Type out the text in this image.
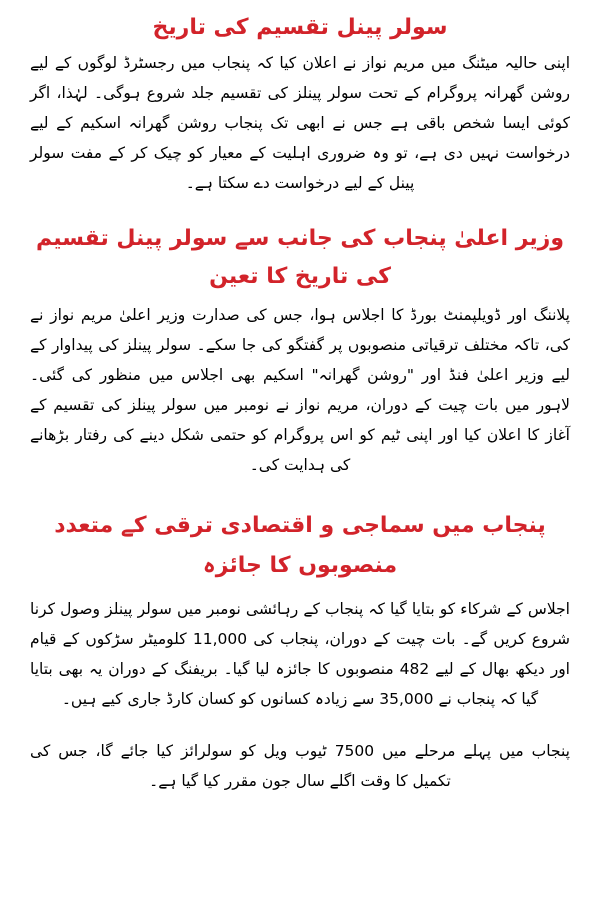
سولر پینل تقسیم کی تاریخ

اپنی حالیہ میٹنگ میں مریم نواز نے اعلان کیا کہ پنجاب میں رجسٹرڈ لوگوں کے لیے روشن گھرانہ پروگرام کے تحت سولر پینلز کی تقسیم جلد شروع ہوگی۔ لہٰذا، اگر کوئی ایسا شخص باقی ہے جس نے ابھی تک پنجاب روشن گھرانہ اسکیم کے لیے درخواست نہیں دی ہے، تو وہ ضروری اہلیت کے معیار کو چیک کر کے مفت سولر پینل کے لیے درخواست دے سکتا ہے۔

وزیر اعلیٰ پنجاب کی جانب سے سولر پینل تقسیم کی تاریخ کا تعین

پلاننگ اور ڈویلپمنٹ بورڈ کا اجلاس ہوا، جس کی صدارت وزیر اعلیٰ مریم نواز نے کی، تاکہ مختلف ترقیاتی منصوبوں پر گفتگو کی جا سکے۔ سولر پینلز کی پیداوار کے لیے وزیر اعلیٰ فنڈ اور "روشن گھرانہ" اسکیم بھی اجلاس میں منظور کی گئی۔ لاہور میں بات چیت کے دوران، مریم نواز نے نومبر میں سولر پینلز کی تقسیم کے آغاز کا اعلان کیا اور اپنی ٹیم کو اس پروگرام کو حتمی شکل دینے کی رفتار بڑھانے کی ہدایت کی۔

پنجاب میں سماجی و اقتصادی ترقی کے متعدد منصوبوں کا جائزہ

اجلاس کے شرکاء کو بتایا گیا کہ پنجاب کے رہائشی نومبر میں سولر پینلز وصول کرنا شروع کریں گے۔ بات چیت کے دوران، پنجاب کی 11,000 کلومیٹر سڑکوں کے قیام اور دیکھ بھال کے لیے 482 منصوبوں کا جائزہ لیا گیا۔ بریفنگ کے دوران یہ بھی بتایا گیا کہ پنجاب نے 35,000 سے زیادہ کسانوں کو کسان کارڈ جاری کیے ہیں۔

پنجاب میں پہلے مرحلے میں 7500 ٹیوب ویل کو سولرائز کیا جائے گا، جس کی تکمیل کا وقت اگلے سال جون مقرر کیا گیا ہے۔
